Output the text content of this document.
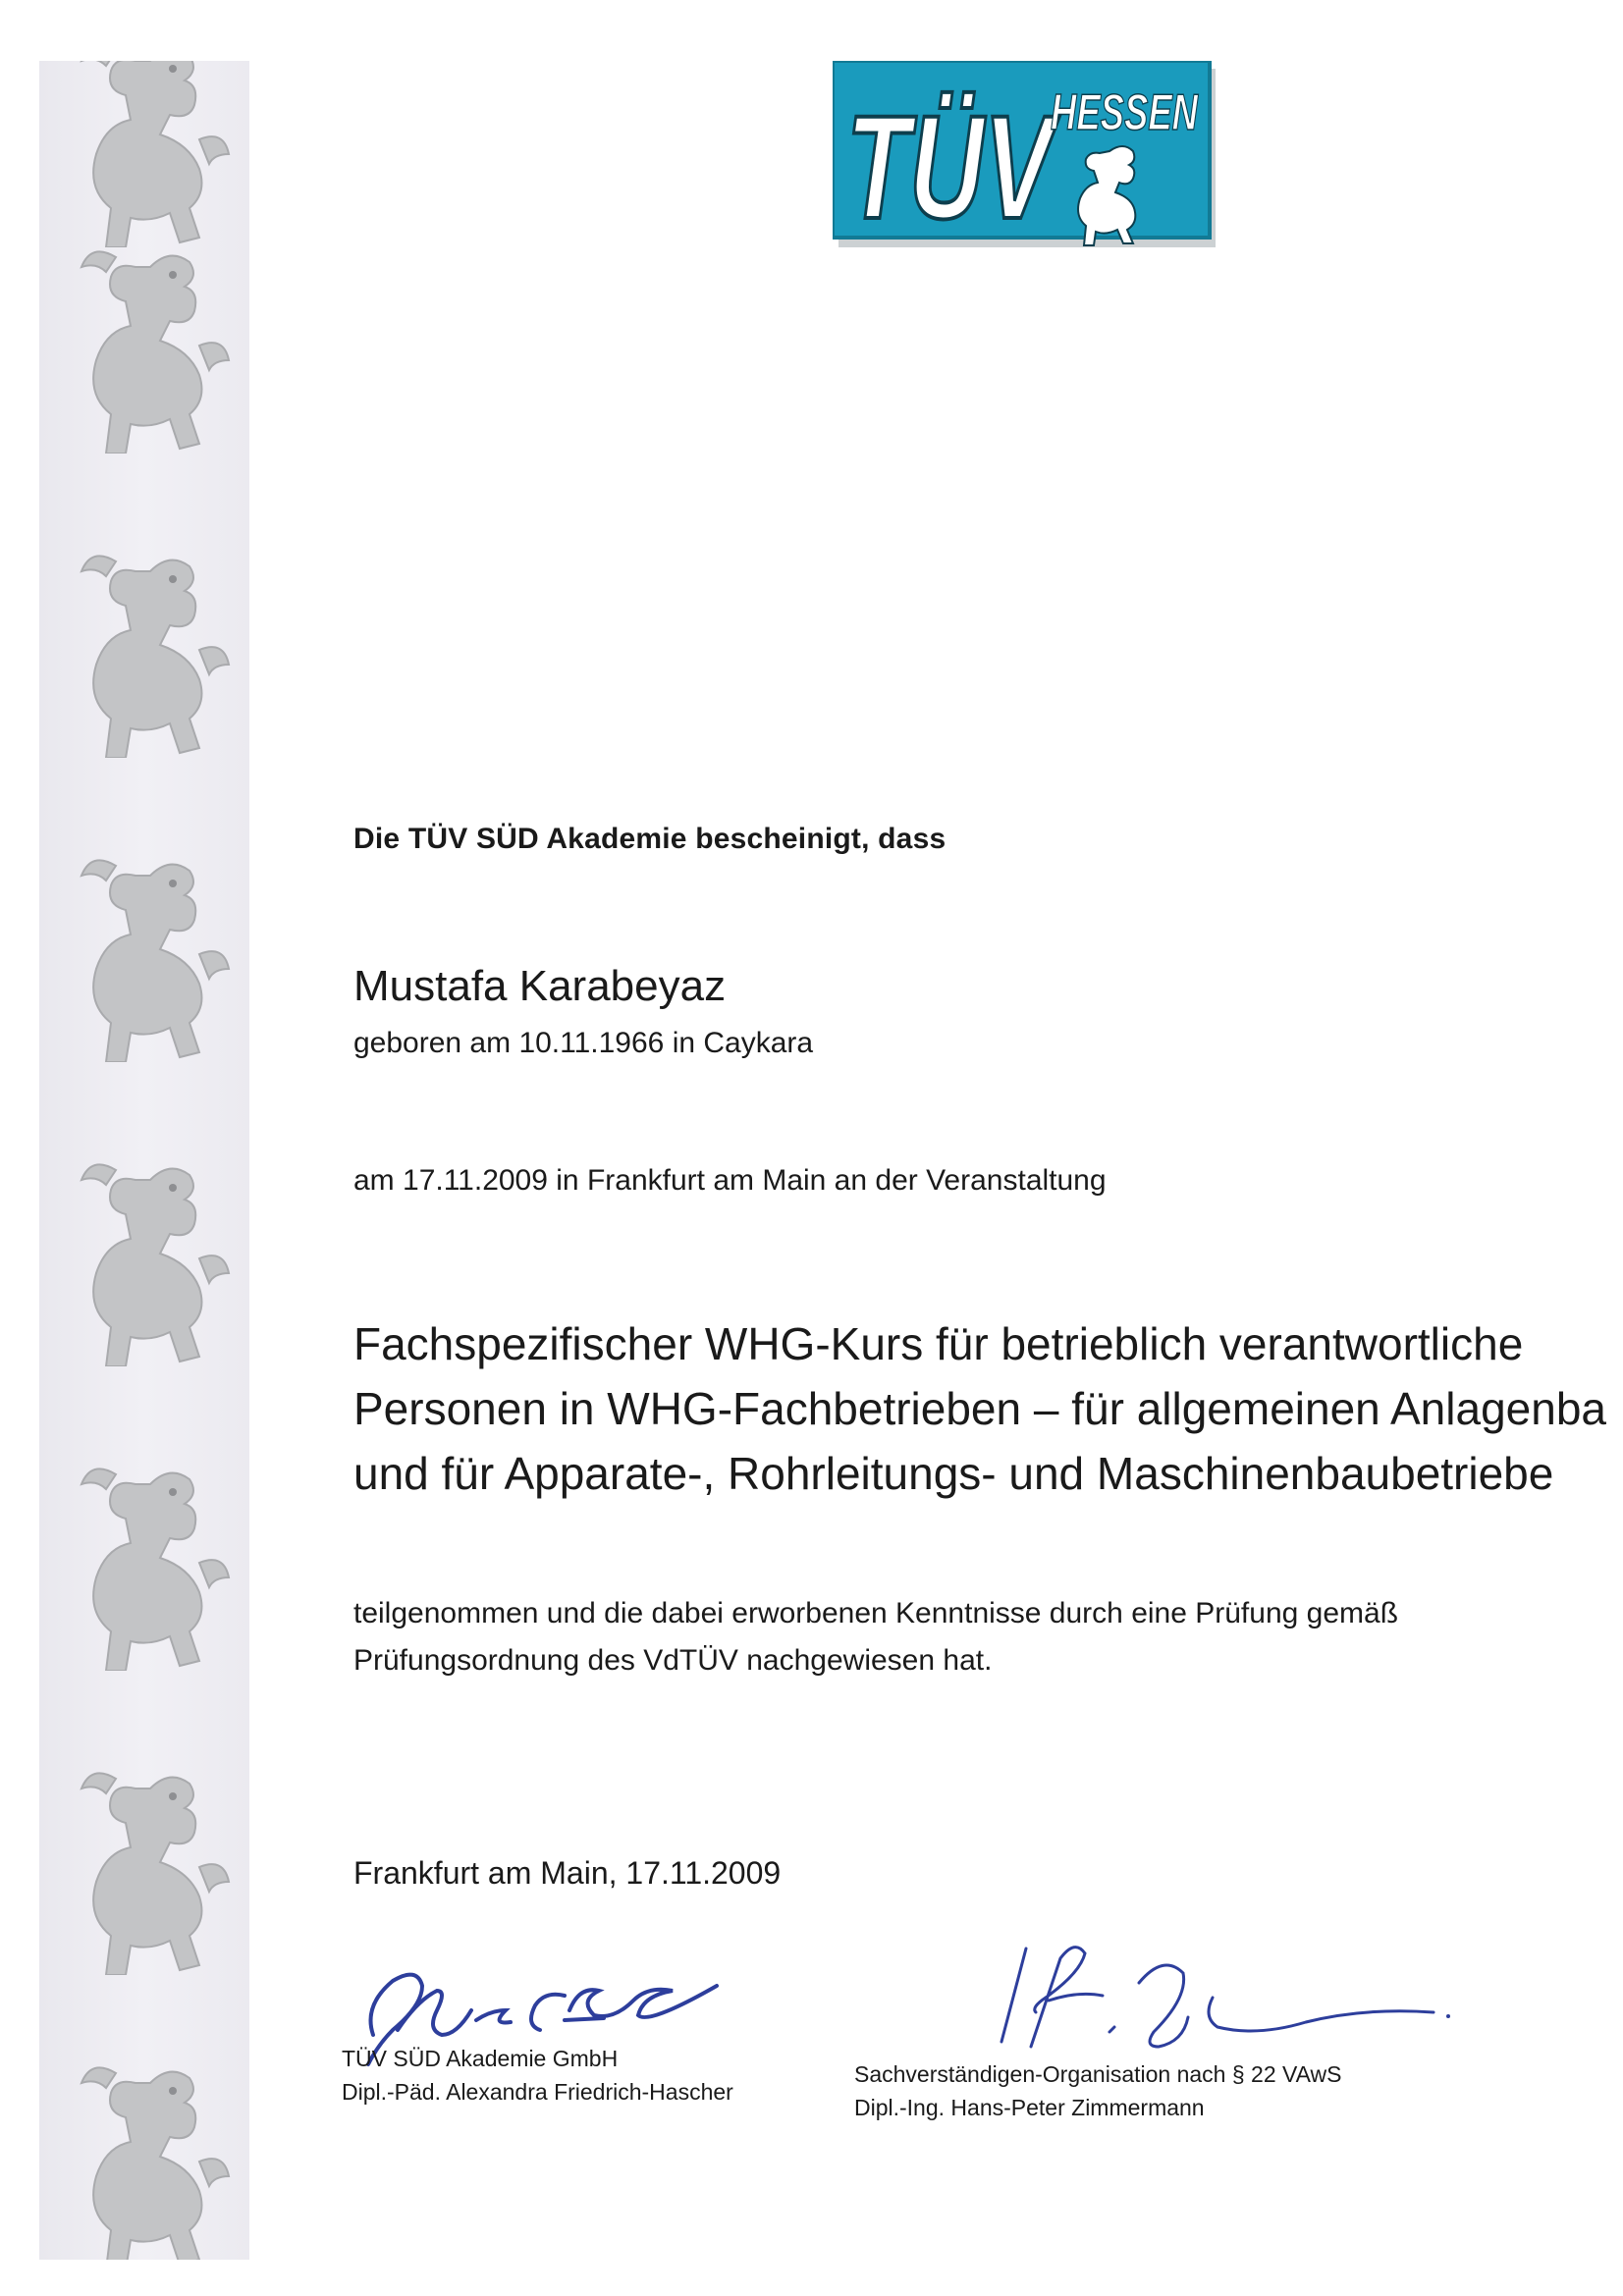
TÜV
HESSEN
Die TÜV SÜD Akademie bescheinigt, dass
Mustafa Karabeyaz
geboren am 10.11.1966 in Caykara
am 17.11.2009 in Frankfurt am Main an der Veranstaltung
Fachspezifischer WHG-Kurs für betrieblich verantwortliche
Personen in WHG-Fachbetrieben – für allgemeinen Anlagenba
und für Apparate-, Rohrleitungs- und Maschinenbaubetriebe
teilgenommen und die dabei erworbenen Kenntnisse durch eine Prüfung gemäß
Prüfungsordnung des VdTÜV nachgewiesen hat.
Frankfurt am Main, 17.11.2009
TÜV SÜD Akademie GmbH
Dipl.-Päd. Alexandra Friedrich-Hascher
Sachverständigen-Organisation nach § 22 VAwS
Dipl.-Ing. Hans-Peter Zimmermann
